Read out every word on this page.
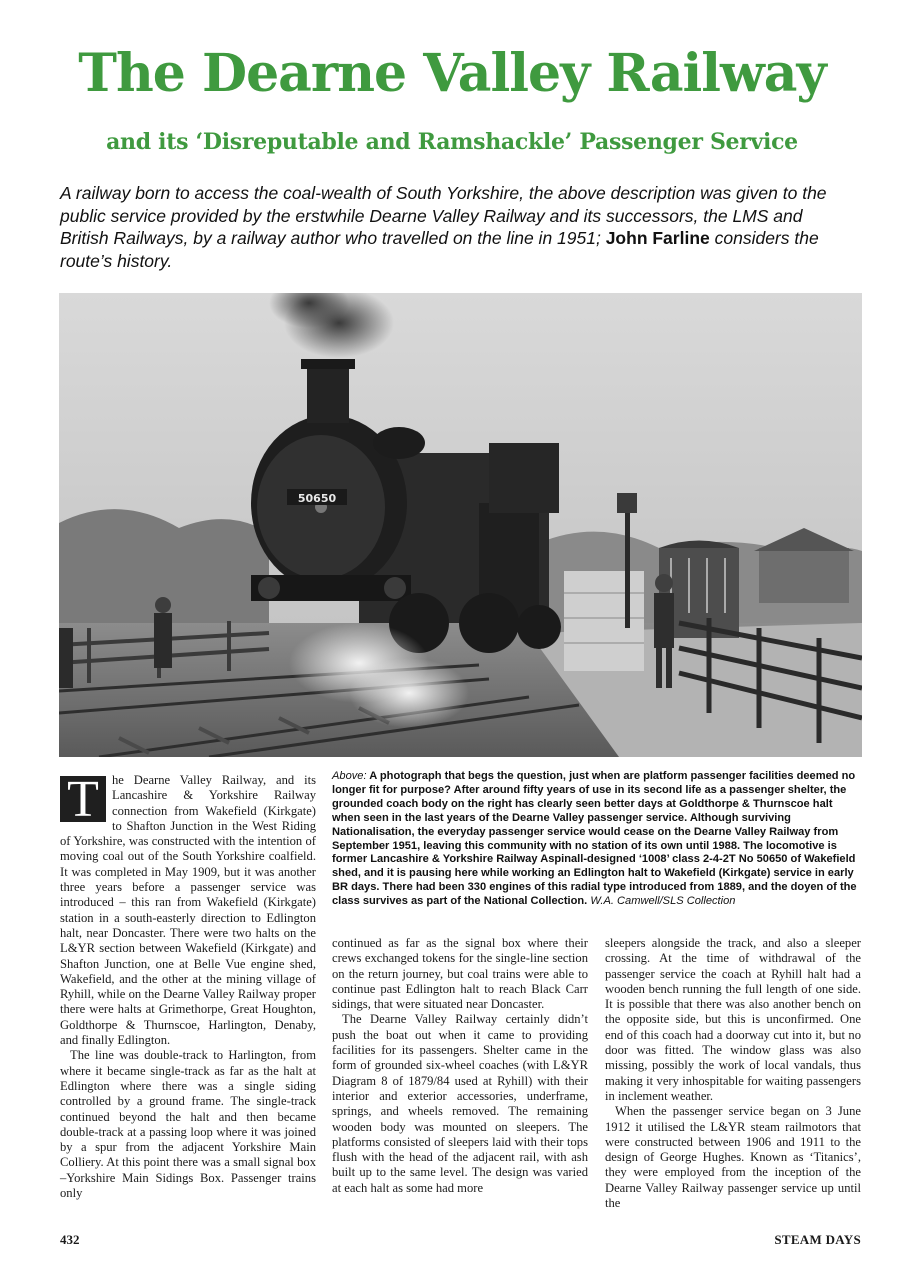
The Dearne Valley Railway
and its ‘Disreputable and Ramshackle’ Passenger Service
A railway born to access the coal-wealth of South Yorkshire, the above description was given to the public service provided by the erstwhile Dearne Valley Railway and its successors, the LMS and British Railways, by a railway author who travelled on the line in 1951; John Farline considers the route’s history.
50650
Above: A photograph that begs the question, just when are platform passenger facilities deemed no longer fit for purpose? After around fifty years of use in its second life as a passenger shelter, the grounded coach body on the right has clearly seen better days at Goldthorpe & Thurnscoe halt when seen in the last years of the Dearne Valley passenger service. Although surviving Nationalisation, the everyday passenger service would cease on the Dearne Valley Railway from September 1951, leaving this community with no station of its own until 1988. The locomotive is former Lancashire & Yorkshire Railway Aspinall-designed ‘1008’ class 2-4-2T No 50650 of Wakefield shed, and it is pausing here while working an Edlington halt to Wakefield (Kirkgate) service in early BR days. There had been 330 engines of this radial type introduced from 1889, and the doyen of the class survives as part of the National Collection. W.A. Camwell/SLS Collection

T	he Dearne Valley Railway, and its Lancashire & Yorkshire Railway connection from Wakefield (Kirkgate) to Shafton Junction in the West Riding of Yorkshire, was constructed with the intention of moving coal out of the South Yorkshire coalfield. It was completed in May 1909, but it was another three years before a passenger service was introduced – this ran from Wakefield (Kirkgate) station in a south-easterly direction to Edlington halt, near Doncaster. There were two halts on the L&YR section between Wakefield (Kirkgate) and Shafton Junction, one at Belle Vue engine shed, Wakefield, and the other at the mining village of Ryhill, while on the Dearne Valley Railway proper there were halts at Grimethorpe, Great Houghton, Goldthorpe & Thurnscoe, Harlington, Denaby, and finally Edlington.

The line was double-track to Harlington, from where it became single-track as far as the halt at Edlington where there was a single siding controlled by a ground frame. The single-track continued beyond the halt and then became double-track at a passing loop where it was joined by a spur from the adjacent Yorkshire Main Colliery. At this point there was a small signal box –Yorkshire Main Sidings Box. Passenger trains only

continued as far as the signal box where their crews exchanged tokens for the single-line section on the return journey, but coal trains were able to continue past Edlington halt to reach Black Carr sidings, that were situated near Doncaster.

The Dearne Valley Railway certainly didn’t push the boat out when it came to providing facilities for its passengers. Shelter came in the form of grounded six-wheel coaches (with L&YR Diagram 8 of 1879/84 used at Ryhill) with their interior and exterior accessories, underframe, springs, and wheels removed. The remaining wooden body was mounted on sleepers. The platforms consisted of sleepers laid with their tops flush with the head of the adjacent rail, with ash built up to the same level. The design was varied at each halt as some had more

sleepers alongside the track, and also a sleeper crossing. At the time of withdrawal of the passenger service the coach at Ryhill halt had a wooden bench running the full length of one side. It is possible that there was also another bench on the opposite side, but this is unconfirmed. One end of this coach had a doorway cut into it, but no door was fitted. The window glass was also missing, possibly the work of local vandals, thus making it very inhospitable for waiting passengers in inclement weather.

When the passenger service began on 3 June 1912 it utilised the L&YR steam railmotors that were constructed between 1906 and 1911 to the design of George Hughes. Known as ‘Titanics’, they were employed from the inception of the Dearne Valley Railway passenger service up until the

432	STEAM DAYS
